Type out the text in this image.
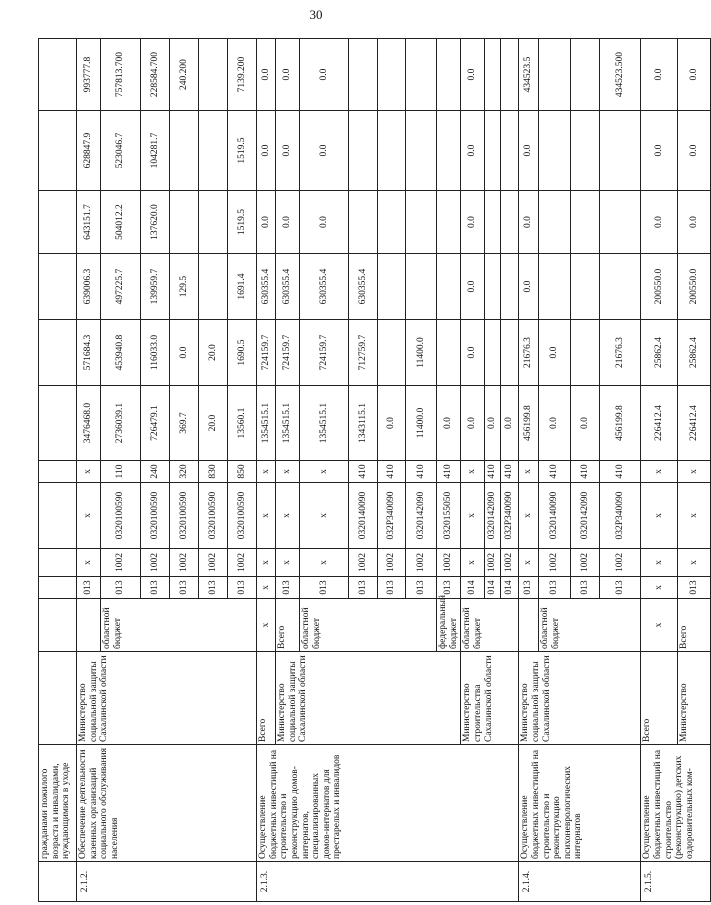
30
	гражданами пожилого возраста и инвалидами, нуждающимися в уходе												
2.1.2.	Обеспечение деятельности казенных организаций социального обслуживания населения	Министерство социальной защиты Сахалинской области		013	х	х	х	3476468.0	571684.3	639006.3	643151.7	628847.9	993777.8
			областной бюджет	013	1002	0320100590	110	2736039.1	453940.8	497225.7	504012.2	523046.7	757813.700
				013	1002	0320100590	240	726479.1	116033.0	139959.7	137620.0	104281.7	228584.700
				013	1002	0320100590	320	369.7	0.0	129.5			240.200
				013	1002	0320100590	830	20.0	20.0				
				013	1002	0320100590	850	13560.1	1690.5	1691.4	1519.5	1519.5	7139.200
2.1.3.	Осуществление бюджетных инвестиций на строительство и реконструкцию домов-интернатов, специализированных домов-интернатов для престарелых и инвалидов	Всего	х	х	х	х	х	1354515.1	724159.7	630355.4	0.0	0.0	0.0
		Министерство социальной защиты Сахалинской области	Всего	013	х	х	х	1354515.1	724159.7	630355.4	0.0	0.0	0.0
			областной бюджет	013	х	х	х	1354515.1	724159.7	630355.4	0.0	0.0	0.0
				013	1002	0320140090	410	1343115.1	712759.7	630355.4			
				013	1002	032P340090	410	0.0					
				013	1002	0320142090	410	11400.0	11400.0				
			федеральный бюджет	013	1002	0320155050	410	0.0					
		Министерство строительства Сахалинской области	областной бюджет	014	х	х	х	0.0	0.0	0.0	0.0	0.0	0.0
				014	1002	0320142090	410	0.0					
				014	1002	032P340090	410	0.0					
2.1.4.	Осуществление бюджетных инвестиций на строительство и реконструкцию психоневрологических интернатов	Министерство социальной защиты Сахалинской области		013	х	х	х	456199.8	21676.3	0.0	0.0	0.0	434523.5
			областной бюджет	013	1002	0320140090	410	0.0	0.0				
				013	1002	0320142090	410	0.0					
				013	1002	032P340090	410	456199.8	21676.3				434523.500
2.1.5.	Осуществление бюджетных инвестиций на строительство (реконструкцию) детских оздоровительных ком-	Всего	х	х	х	х	х	226412.4	25862.4	200550.0	0.0	0.0	0.0
		Министерство	Всего	013	х	х	х	226412.4	25862.4	200550.0	0.0	0.0	0.0
